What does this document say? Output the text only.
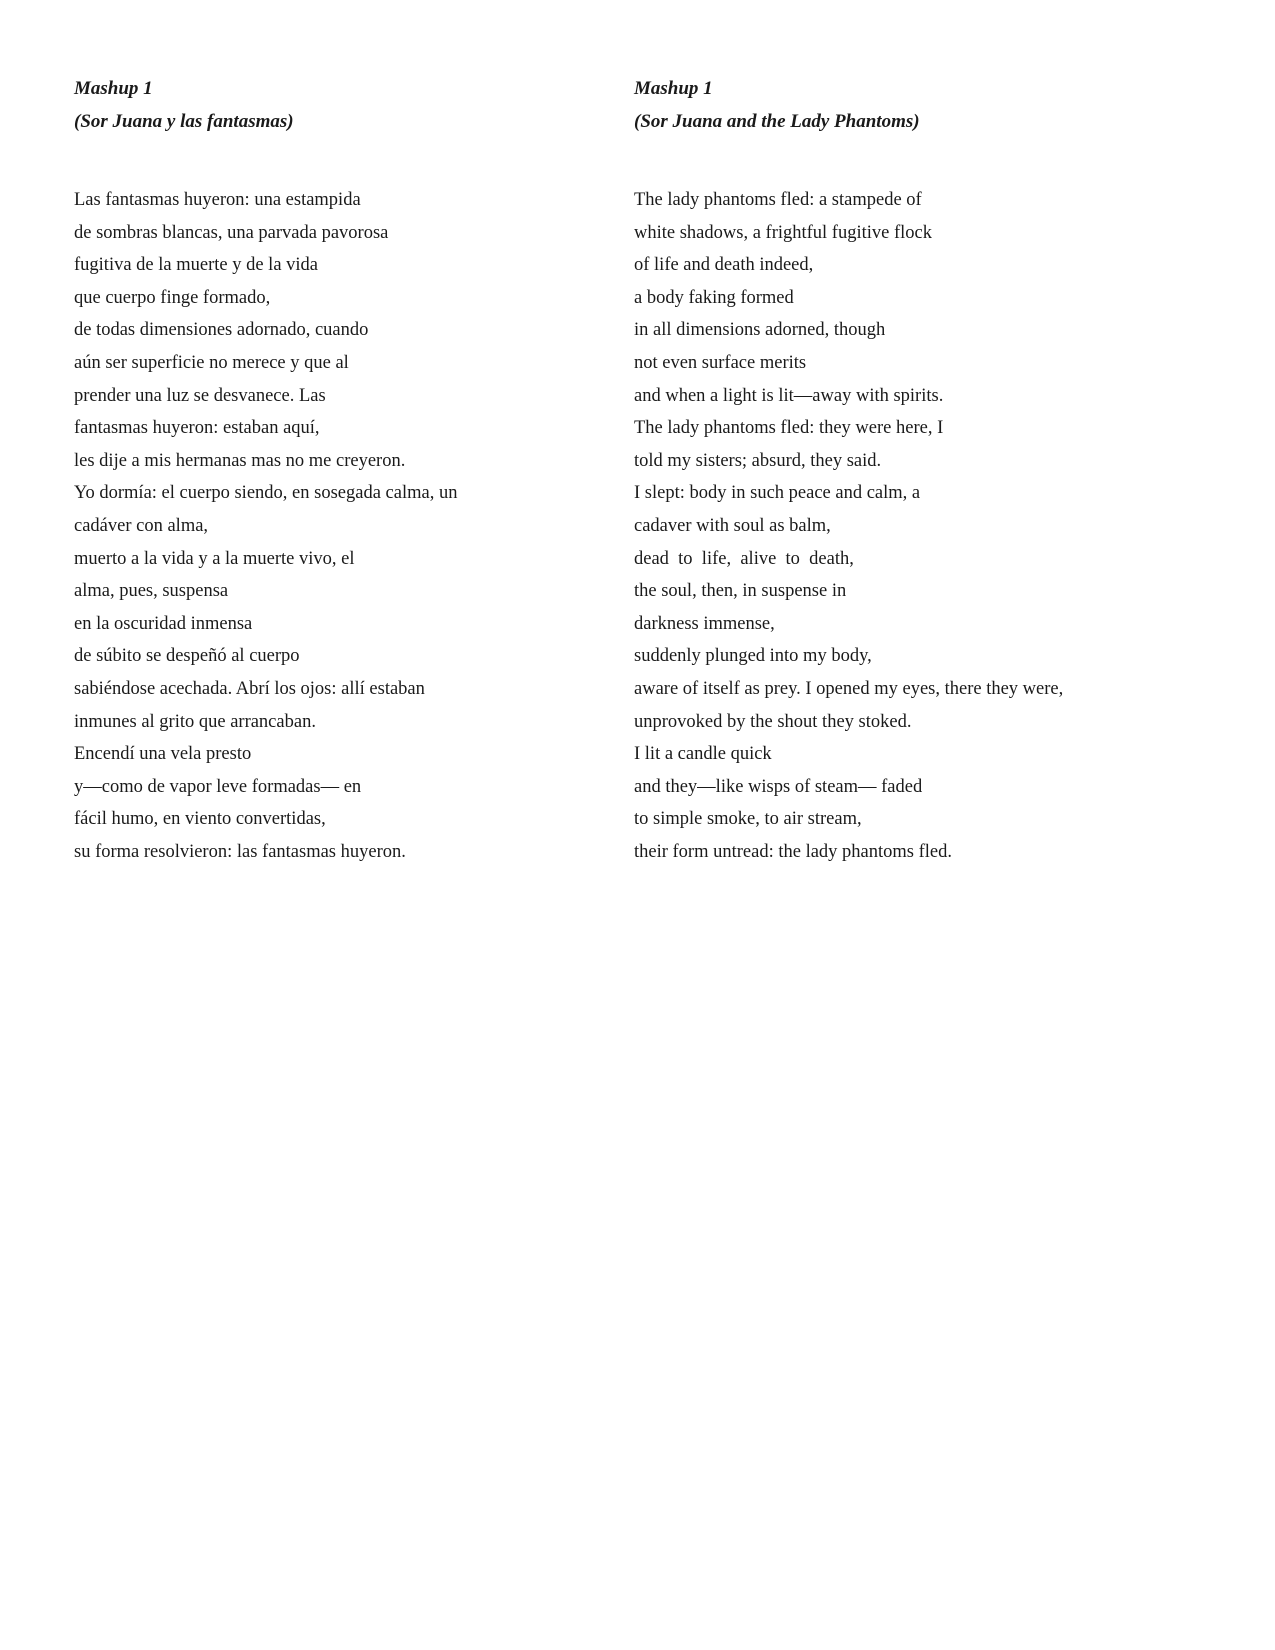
Mashup 1

(Sor Juana y las fantasmas)

Las fantasmas huyeron: una estampida

de sombras blancas, una parvada pavorosa

fugitiva de la muerte y de la vida

que cuerpo finge formado,

de todas dimensiones adornado, cuando

aún ser superficie no merece y que al

prender una luz se desvanece. Las

fantasmas huyeron: estaban aquí,

les dije a mis hermanas mas no me creyeron.

Yo dormía: el cuerpo siendo, en sosegada calma, un

cadáver con alma,

muerto a la vida y a la muerte vivo, el

alma, pues, suspensa

en la oscuridad inmensa

de súbito se despeñó al cuerpo

sabiéndose acechada. Abrí los ojos: allí estaban

inmunes al grito que arrancaban.

Encendí una vela presto

y—como de vapor leve formadas— en

fácil humo, en viento convertidas,

su forma resolvieron: las fantasmas huyeron.

Mashup 1

(Sor Juana and the Lady Phantoms)

The lady phantoms fled: a stampede of

white shadows, a frightful fugitive flock

of life and death indeed,

a body faking formed

in all dimensions adorned, though

not even surface merits

and when a light is lit—away with spirits.

The lady phantoms fled: they were here, I

told my sisters; absurd, they said.

I slept: body in such peace and calm, a

cadaver with soul as balm,

dead  to  life,  alive  to  death,

the soul, then, in suspense in

darkness immense,

suddenly plunged into my body,

aware of itself as prey. I opened my eyes, there they were,

unprovoked by the shout they stoked.

I lit a candle quick

and they—like wisps of steam— faded

to simple smoke, to air stream,

their form untread: the lady phantoms fled.
